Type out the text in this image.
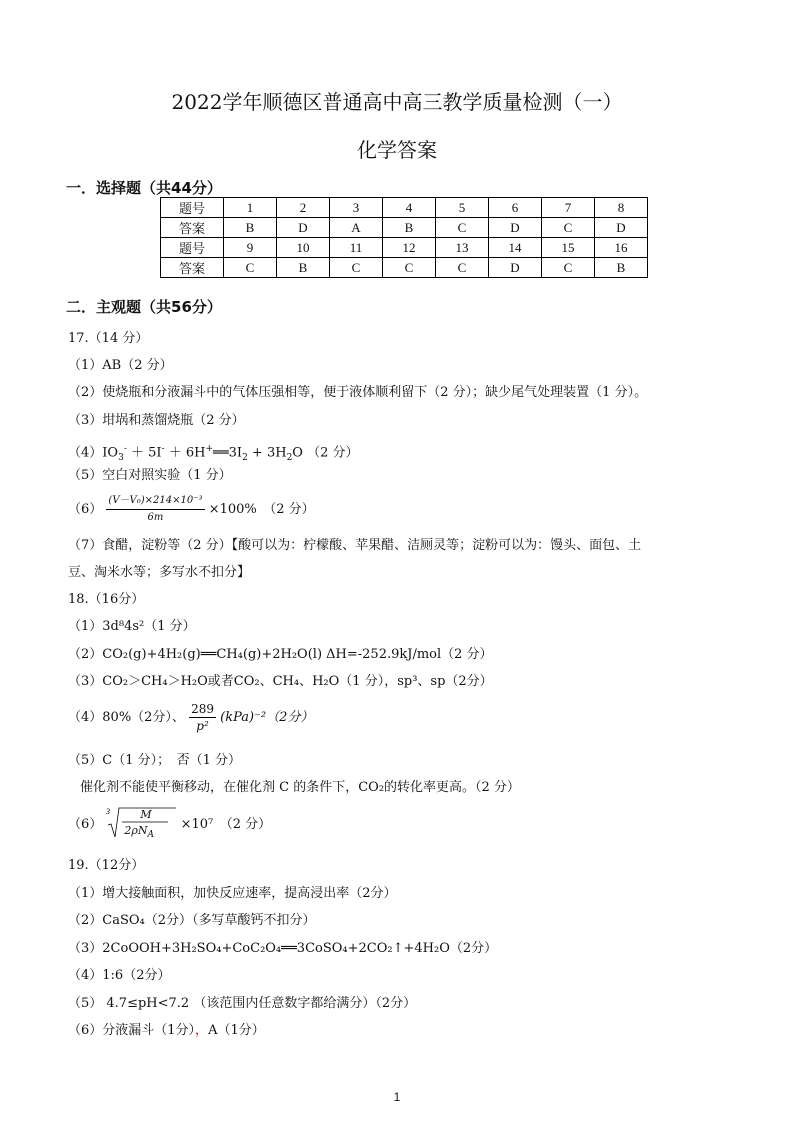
2022学年顺德区普通高中高三教学质量检测（一）
化学答案
一．选择题（共44分）
题号	1	2	3	4	5	6	7	8
答案	B	D	A	B	C	D	C	D
题号	9	10	11	12	13	14	15	16
答案	C	B	C	C	C	D	C	B
二．主观题（共56分）
17.（14 分）
（1）AB（2 分）
（2）使烧瓶和分液漏斗中的气体压强相等，便于液体顺利留下（2 分）；缺少尾气处理装置（1 分）。
（3）坩埚和蒸馏烧瓶（2 分）
$(4)IO_3^- + 5I^-$ ＋ $6H^+══3I_2 + 3H_2O$ （2 分）
（5）空白对照实验（1 分）
$(6) \frac{\text{(V－V₀)×214×10⁻³}}{6m} \times 100\%$　（2 分）
（7）食醋，淀粉等（2 分）【酸可以为：柠檬酸、苹果醋、洁厕灵等；淀粉可以为：馒头、面包、土
豆、淘米水等；多写水不扣分】
18.（16分）
（1）3d⁸4s²（1 分）
（2）CO₂(g)+4H₂(g)══CH₄(g)+2H₂O(l) ΔH=-252.9kJ/mol（2 分）
（3）CO₂＞CH₄＞H₂O或者CO₂、CH₄、H₂O（1 分），sp³、sp（2分）
（4）80%（2分）、 $\frac{289}{\text{p²}} (kPa)^{-2}(2$分）
（5）C（1 分）；　否（1 分）
催化剂不能使平衡移动，在催化剂 C 的条件下，CO₂的转化率更高。（2 分）
（6）
3	M
$2\rho N_A$
×10⁷　（2 分）
19.（12分）
（1）增大接触面积，加快反应速率，提高浸出率（2分）
（2）CaSO₄（2分）（多写草酸钙不扣分）
（3）2CoOOH+3H₂SO₄+CoC₂O₄══3CoSO₄+2CO₂↑+4H₂O（2分）
（4）1:6（2分）
（5） 4.7≤pH<7.2 （该范围内任意数字都给满分）（2分）
（6）分液漏斗（1分），A（1分）
1
